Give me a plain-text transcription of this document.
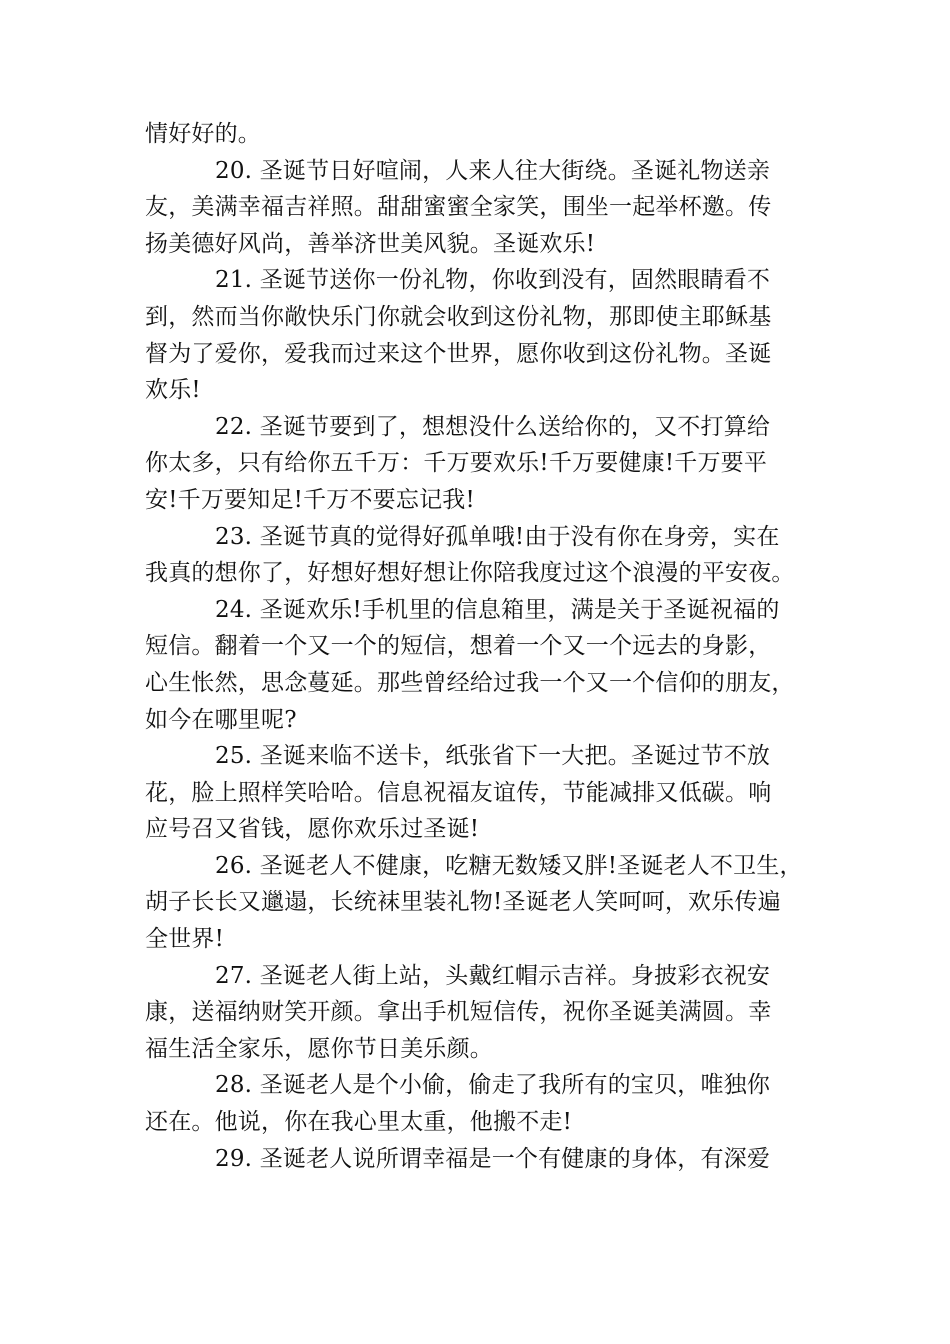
情好好的。
20. 圣诞节日好喧闹，人来人往大街绕。圣诞礼物送亲
友，美满幸福吉祥照。甜甜蜜蜜全家笑，围坐一起举杯邀。传
扬美德好风尚，善举济世美风貌。圣诞欢乐!
21. 圣诞节送你一份礼物，你收到没有，固然眼睛看不
到，然而当你敞快乐门你就会收到这份礼物，那即使主耶稣基
督为了爱你，爱我而过来这个世界，愿你收到这份礼物。圣诞
欢乐!
22. 圣诞节要到了，想想没什么送给你的，又不打算给
你太多，只有给你五千万：千万要欢乐!千万要健康!千万要平
安!千万要知足!千万不要忘记我!
23. 圣诞节真的觉得好孤单哦!由于没有你在身旁，实在
我真的想你了，好想好想好想让你陪我度过这个浪漫的平安夜。
24. 圣诞欢乐!手机里的信息箱里，满是关于圣诞祝福的
短信。翻着一个又一个的短信，想着一个又一个远去的身影，
心生怅然，思念蔓延。那些曾经给过我一个又一个信仰的朋友，
如今在哪里呢?
25. 圣诞来临不送卡，纸张省下一大把。圣诞过节不放
花，脸上照样笑哈哈。信息祝福友谊传，节能减排又低碳。响
应号召又省钱，愿你欢乐过圣诞!
26. 圣诞老人不健康，吃糖无数矮又胖!圣诞老人不卫生，
胡子长长又邋遢，长统袜里装礼物!圣诞老人笑呵呵，欢乐传遍
全世界!
27. 圣诞老人街上站，头戴红帽示吉祥。身披彩衣祝安
康，送福纳财笑开颜。拿出手机短信传，祝你圣诞美满圆。幸
福生活全家乐，愿你节日美乐颜。
28. 圣诞老人是个小偷，偷走了我所有的宝贝，唯独你
还在。他说，你在我心里太重，他搬不走!
29. 圣诞老人说所谓幸福是一个有健康的身体，有深爱
